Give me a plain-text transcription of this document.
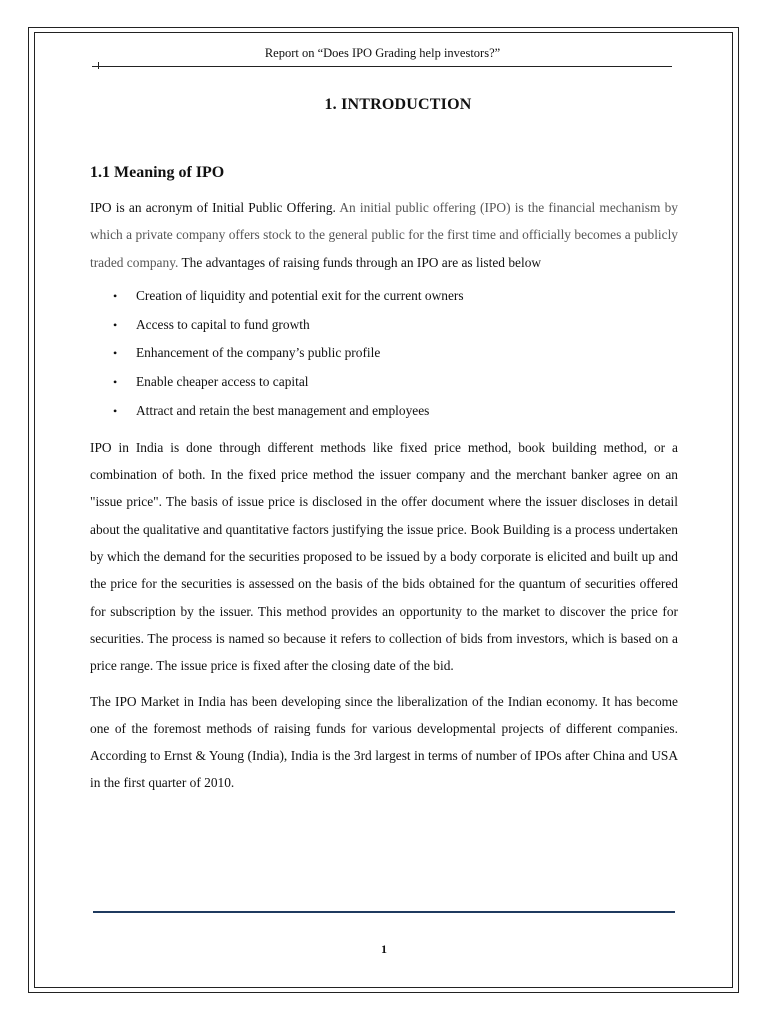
Report on “Does IPO Grading help investors?”
1. INTRODUCTION
1.1 Meaning of IPO

IPO is an acronym of Initial Public Offering. An initial public offering (IPO) is the financial mechanism by which a private company offers stock to the general public for the first time and officially becomes a publicly traded company. The advantages of raising funds through an IPO are as listed below

• Creation of liquidity and potential exit for the current owners
• Access to capital to fund growth
• Enhancement of the company’s public profile
• Enable cheaper access to capital
• Attract and retain the best management and employees

IPO in India is done through different methods like fixed price method, book building method, or a combination of both. In the fixed price method the issuer company and the merchant banker agree on an "issue price". The basis of issue price is disclosed in the offer document where the issuer discloses in detail about the qualitative and quantitative factors justifying the issue price. Book Building is a process undertaken by which the demand for the securities proposed to be issued by a body corporate is elicited and built up and the price for the securities is assessed on the basis of the bids obtained for the quantum of securities offered for subscription by the issuer. This method provides an opportunity to the market to discover the price for securities. The process is named so because it refers to collection of bids from investors, which is based on a price range. The issue price is fixed after the closing date of the bid.

The IPO Market in India has been developing since the liberalization of the Indian economy. It has become one of the foremost methods of raising funds for various developmental projects of different companies. According to Ernst & Young (India), India is the 3rd largest in terms of number of IPOs after China and USA in the first quarter of 2010.

1
